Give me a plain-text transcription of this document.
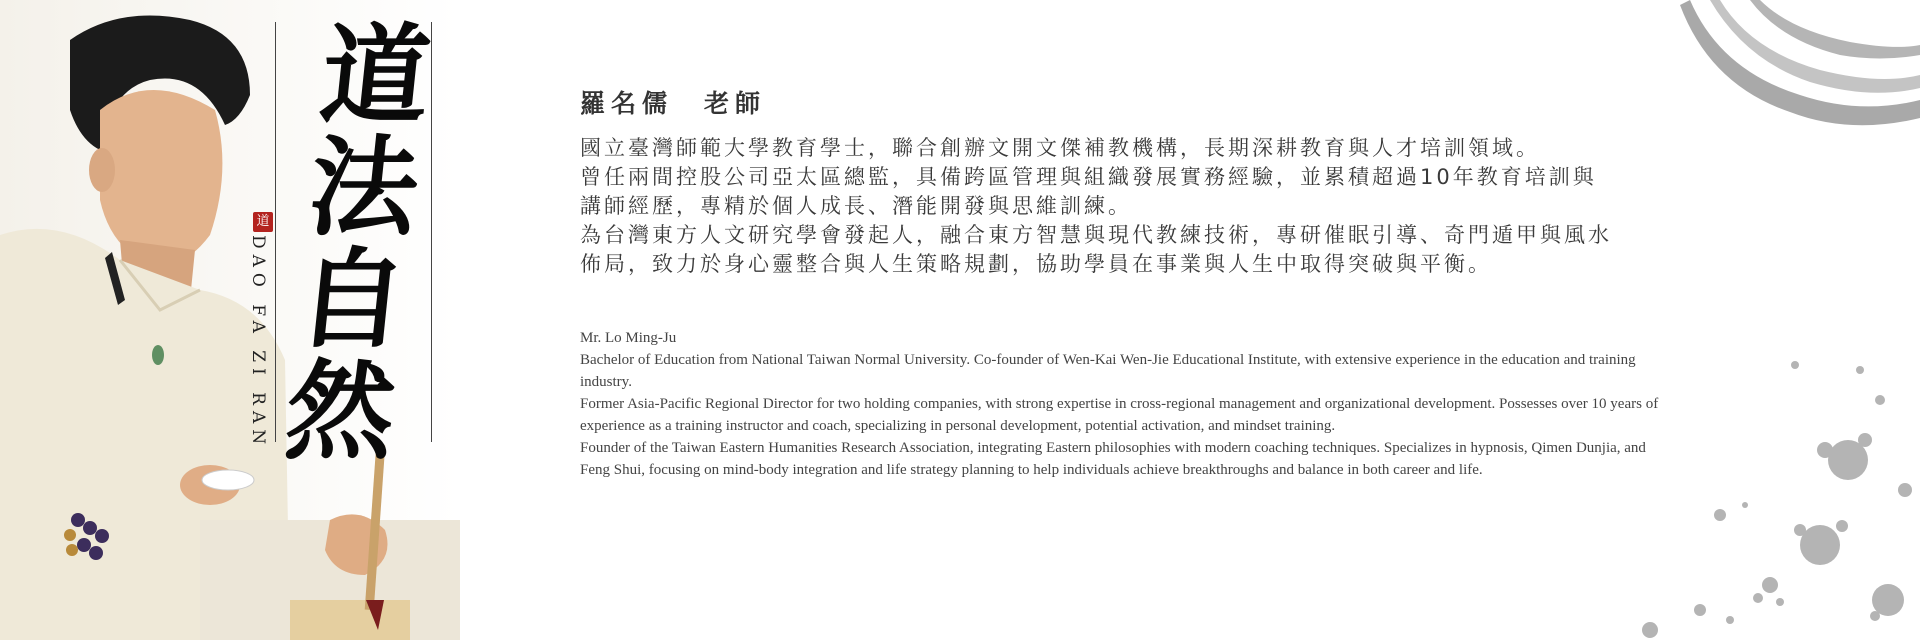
道
法
自
然
道
DAO FA ZI RAN
羅名儒　老師

國立臺灣師範大學教育學士，聯合創辦文開文傑補教機構，長期深耕教育與人才培訓領域。
曾任兩間控股公司亞太區總監，具備跨區管理與組織發展實務經驗，並累積超過10年教育培訓與
講師經歷，專精於個人成長、潛能開發與思維訓練。
為台灣東方人文研究學會發起人，融合東方智慧與現代教練技術，專研催眠引導、奇門遁甲與風水
佈局，致力於身心靈整合與人生策略規劃，協助學員在事業與人生中取得突破與平衡。

Mr. Lo Ming-Ju

Bachelor of Education from National Taiwan Normal University. Co-founder of Wen-Kai Wen-Jie Educational Institute, with extensive experience in the education and training industry.

Former Asia-Pacific Regional Director for two holding companies, with strong expertise in cross-regional management and organizational development. Possesses over 10 years of experience as a training instructor and coach, specializing in personal development, potential activation, and mindset training.

Founder of the Taiwan Eastern Humanities Research Association, integrating Eastern philosophies with modern coaching techniques. Specializes in hypnosis, Qimen Dunjia, and Feng Shui, focusing on mind-body integration and life strategy planning to help individuals achieve breakthroughs and balance in both career and life.
